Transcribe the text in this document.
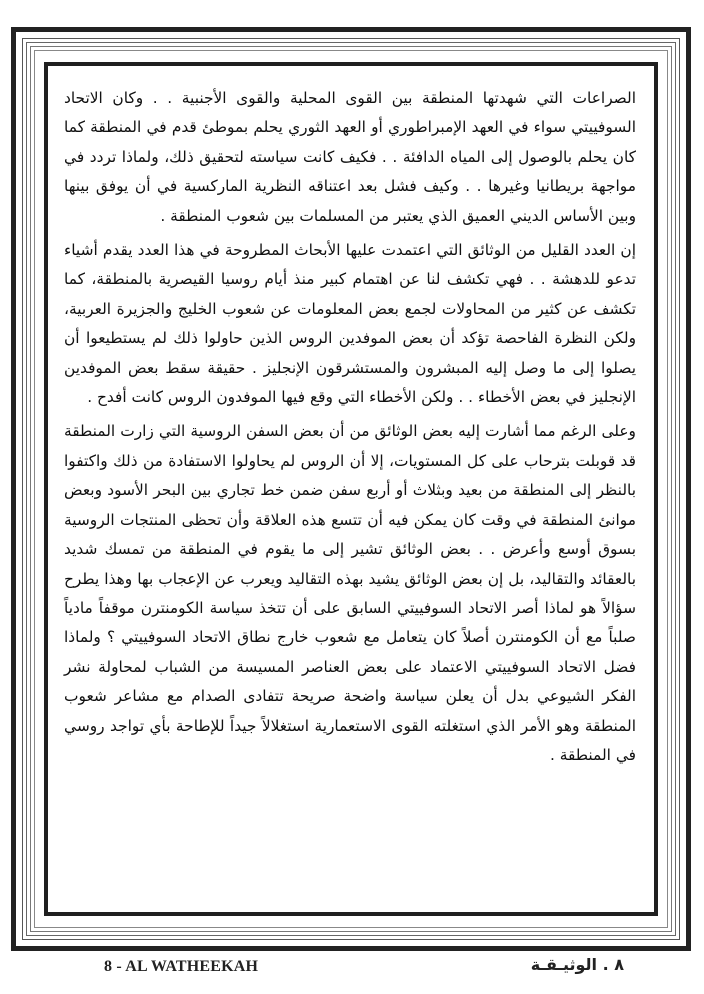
الصراعات التي شهدتها المنطقة بين القوى المحلية والقوى الأجنبية . . وكان الاتحاد السوفييتي سواء في العهد الإمبراطوري أو العهد الثوري يحلم بموطئ قدم في المنطقة كما كان يحلم بالوصول إلى المياه الدافئة . . فكيف كانت سياسته لتحقيق ذلك، ولماذا تردد في مواجهة بريطانيا وغيرها . . وكيف فشل بعد اعتناقه النظرية الماركسية في أن يوفق بينها وبين الأساس الديني العميق الذي يعتبر من المسلمات بين شعوب المنطقة .

إن العدد القليل من الوثائق التي اعتمدت عليها الأبحاث المطروحة في هذا العدد يقدم أشياء تدعو للدهشة . . فهي تكشف لنا عن اهتمام كبير منذ أيام روسيا القيصرية بالمنطقة، كما تكشف عن كثير من المحاولات لجمع بعض المعلومات عن شعوب الخليج والجزيرة العربية، ولكن النظرة الفاحصة تؤكد أن بعض الموفدين الروس الذين حاولوا ذلك لم يستطيعوا أن يصلوا إلى ما وصل إليه المبشرون والمستشرقون الإنجليز . حقيقة سقط بعض الموفدين الإنجليز في بعض الأخطاء . . ولكن الأخطاء التي وقع فيها الموفدون الروس كانت أفدح .

وعلى الرغم مما أشارت إليه بعض الوثائق من أن بعض السفن الروسية التي زارت المنطقة قد قوبلت بترحاب على كل المستويات، إلا أن الروس لم يحاولوا الاستفادة من ذلك واكتفوا بالنظر إلى المنطقة من بعيد وبثلاث أو أربع سفن ضمن خط تجاري بين البحر الأسود وبعض موانئ المنطقة في وقت كان يمكن فيه أن تتسع هذه العلاقة وأن تحظى المنتجات الروسية بسوق أوسع وأعرض . . بعض الوثائق تشير إلى ما يقوم في المنطقة من تمسك شديد بالعقائد والتقاليد، بل إن بعض الوثائق يشيد بهذه التقاليد ويعرب عن الإعجاب بها وهذا يطرح سؤالاً هو لماذا أصر الاتحاد السوفييتي السابق على أن تتخذ سياسة الكومنترن موقفاً مادياً صلباً مع أن الكومنترن أصلاً كان يتعامل مع شعوب خارج نطاق الاتحاد السوفييتي ؟ ولماذا فضل الاتحاد السوفييتي الاعتماد على بعض العناصر المسيسة من الشباب لمحاولة نشر الفكر الشيوعي بدل أن يعلن سياسة واضحة صريحة تتفادى الصدام مع مشاعر شعوب المنطقة وهو الأمر الذي استغلته القوى الاستعمارية استغلالاً جيداً للإطاحة بأي تواجد روسي في المنطقة .

8 - AL WATHEEKAH	٨ . الوثيـقـة
